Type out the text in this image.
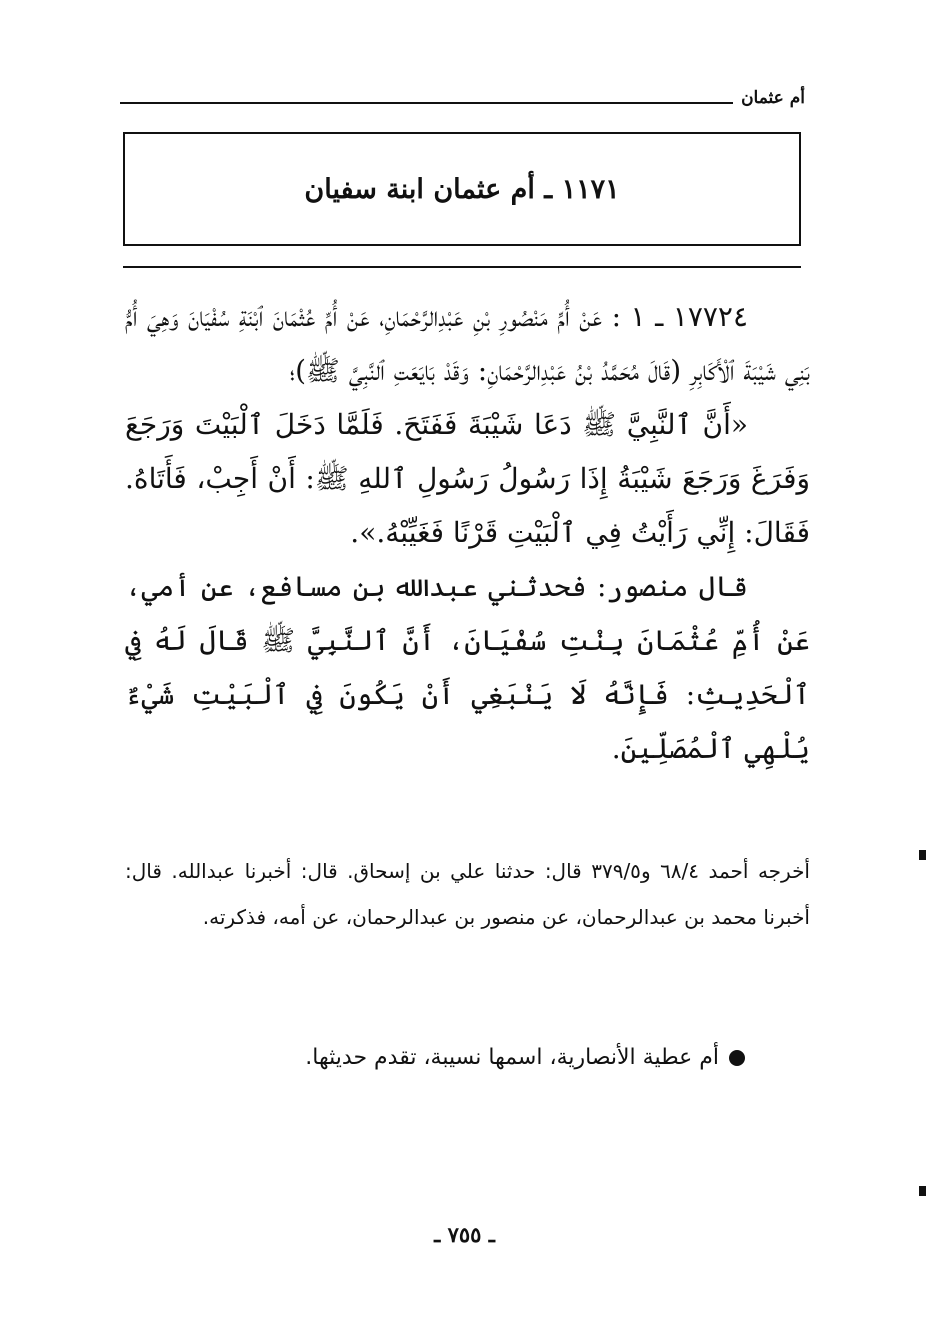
أم عثمان
١١٧١ ـ أم عثمان ابنة سفيان

١٧٧٢٤ ـ ١ : عَنْ أُمِّ مَنْصُورِ بْنِ عَبْدِالرَّحْمَانِ، عَنْ أُمِّ عُثْمَانَ ٱبْنَةِ سُفْيَانَ وَهِيَ أُمُّ بَنِي شَيْبَةَ ٱلْأَكَابِرِ (قَالَ مُحَمَّدُ بْنُ عَبْدِالرَّحْمَانِ: وَقَدْ بَايَعَتِ ٱلنَّبِيَّ ﷺ)؛

«أَنَّ ٱلنَّبِيَّ ﷺ دَعَا شَيْبَةَ فَفَتَحَ. فَلَمَّا دَخَلَ ٱلْبَيْتَ وَرَجَعَ وَفَرَغَ وَرَجَعَ شَيْبَةُ إِذَا رَسُولُ رَسُولِ ٱللهِ ﷺ: أَنْ أَجِبْ، فَأَتَاهُ. فَقَالَ: إِنِّي رَأَيْتُ فِي ٱلْبَيْتِ قَرْنًا فَغَيِّبْهُ.».

قال منصور: فحدثني عبدالله بن مسافع، عن أمي، عَنْ أُمِّ عُثْمَانَ بِنْتِ سُفْيَانَ، أَنَّ ٱلنَّبِيَّ ﷺ قَالَ لَهُ فِي ٱلْحَدِيثِ: فَإِنَّهُ لَا يَنْبَغِي أَنْ يَكُونَ فِي ٱلْبَيْتِ شَيْءٌ يُلْهِي ٱلْمُصَلِّينَ.

أخرجه أحمد ٦٨/٤ و٣٧٩/٥ قال: حدثنا علي بن إسحاق. قال: أخبرنا عبدالله. قال: أخبرنا محمد بن عبدالرحمان، عن منصور بن عبدالرحمان، عن أمه، فذكرته.

أم عطية الأنصارية، اسمها نسيبة، تقدم حديثها.
ـ ٧٥٥ ـ
